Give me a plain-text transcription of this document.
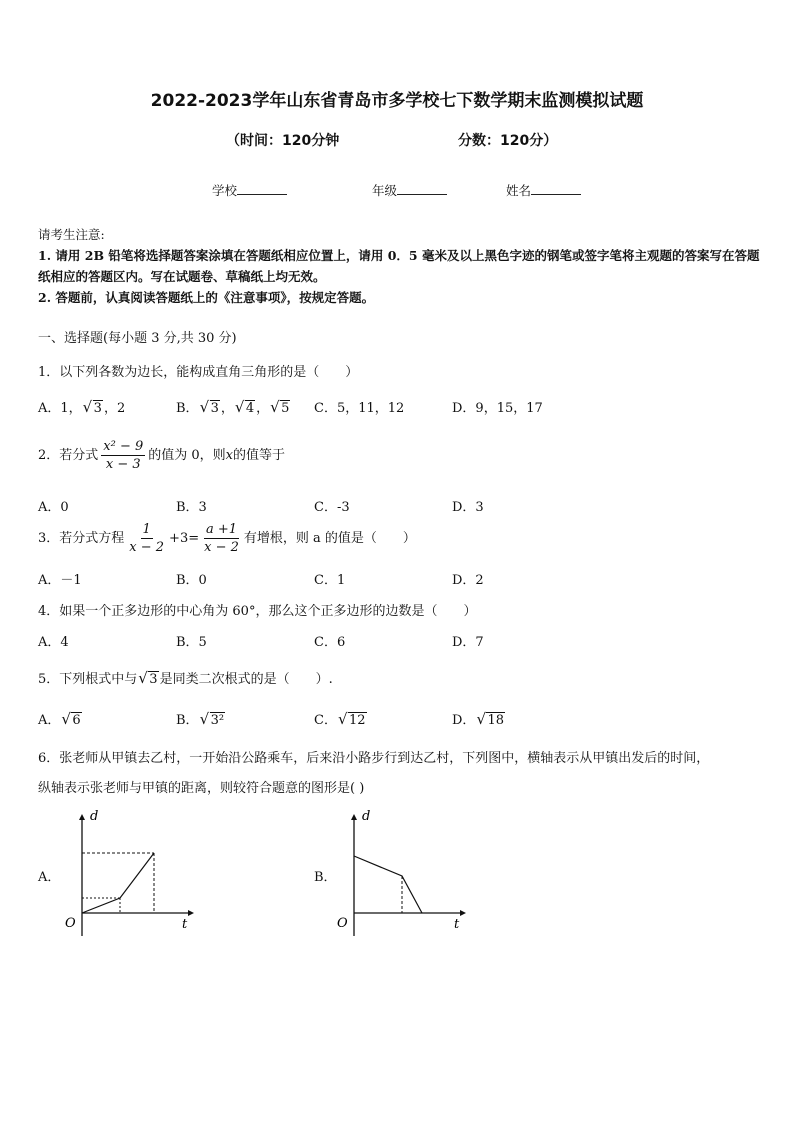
2022-2023学年山东省青岛市多学校七下数学期末监测模拟试题
（时间：120分钟	分数：120分）
学校	年级	姓名
请考生注意:
1. 请用 2B 铅笔将选择题答案涂填在答题纸相应位置上，请用 0．5 毫米及以上黑色字迹的钢笔或签字笔将主观题的答案写在答题纸相应的答题区内。写在试题卷、草稿纸上均无效。
2. 答题前，认真阅读答题纸上的《注意事项》，按规定答题。
一、选择题(每小题 3 分,共 30 分)
1．以下列各数为边长，能构成直角三角形的是（　　）
A．1， √ 3 ，2	B． √ 3 ， √ 4 ， √ 5 C．5，11，12	D．9，15，17
2．若分式 $\frac{\text{x² − 9}}{x - 3}$ 的值为 0，则x的值等于
A．0	B．3	C．-3	D．3
3．若分式方程 $\frac{1}{x - 2} +3= \frac{a +1}{x - 2}$ 有增根，则 a 的值是（　　）
A．－1	B．0	C．1	D．2
4．如果一个正多边形的中心角为 60°，那么这个正多边形的边数是（　　）
A．4	B．5	C．6	D．7
5．下列根式中与 √ 3 是同类二次根式的是（　　）.
A． √ 6	B． √ 3²	C． √ 12	D． √ 18
6．张老师从甲镇去乙村，一开始沿公路乘车，后来沿小路步行到达乙村，下列图中，横轴表示从甲镇出发后的时间，
纵轴表示张老师与甲镇的距离，则较符合题意的图形是( )
A．
d
t
O
B．
d
t
O
